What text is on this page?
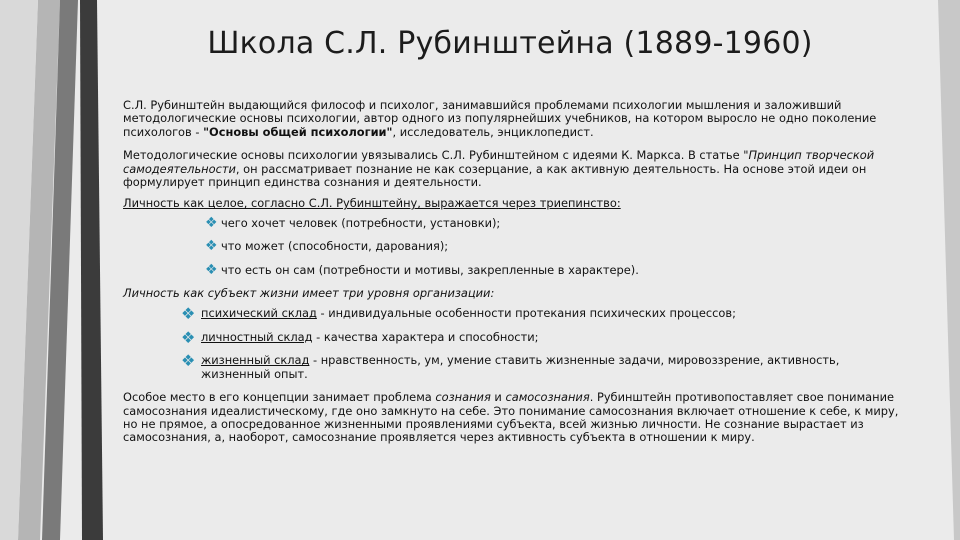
Школа С.Л. Рубинштейна (1889-1960)

С.Л. Рубинштейн выдающийся философ и психолог, занимавшийся проблемами психологии мышления и заложивший методологические основы психологии, автор одного из популярнейших учебников, на котором выросло не одно поколение психологов - "Основы общей психологии", исследователь, энциклопедист.

Методологические основы психологии увязывались С.Л. Рубинштейном с идеями К. Маркса. В статье "Принцип творческой самодеятельности, он рассматривает познание не как созерцание, а как активную деятельность. На основе этой идеи он формулирует принцип единства сознания и деятельности.

Личность как целое, согласно С.Л. Рубинштейну, выражается через триепинство:
❖ чего хочет человек (потребности, установки);
❖ что может (способности, дарования);
❖ что есть он сам (потребности и мотивы, закрепленные в характере).
Личность как субъект жизни имеет три уровня организации:
❖ психический склад - индивидуальные особенности протекания психических процессов;
❖ личностный склад - качества характера и способности;
❖ жизненный склад - нравственность, ум, умение ставить жизненные задачи, мировоззрение, активность, жизненный опыт.

Особое место в его концепции занимает проблема сознания и самосознания. Рубинштейн противопоставляет свое понимание самосознания идеалистическому, где оно замкнуто на себе. Это понимание самосознания включает отношение к себе, к миру, но не прямое, а опосредованное жизненными проявлениями субъекта, всей жизнью личности. Не сознание вырастает из самосознания, а, наоборот, самосознание проявляется через активность субъекта в отношении к миру.
